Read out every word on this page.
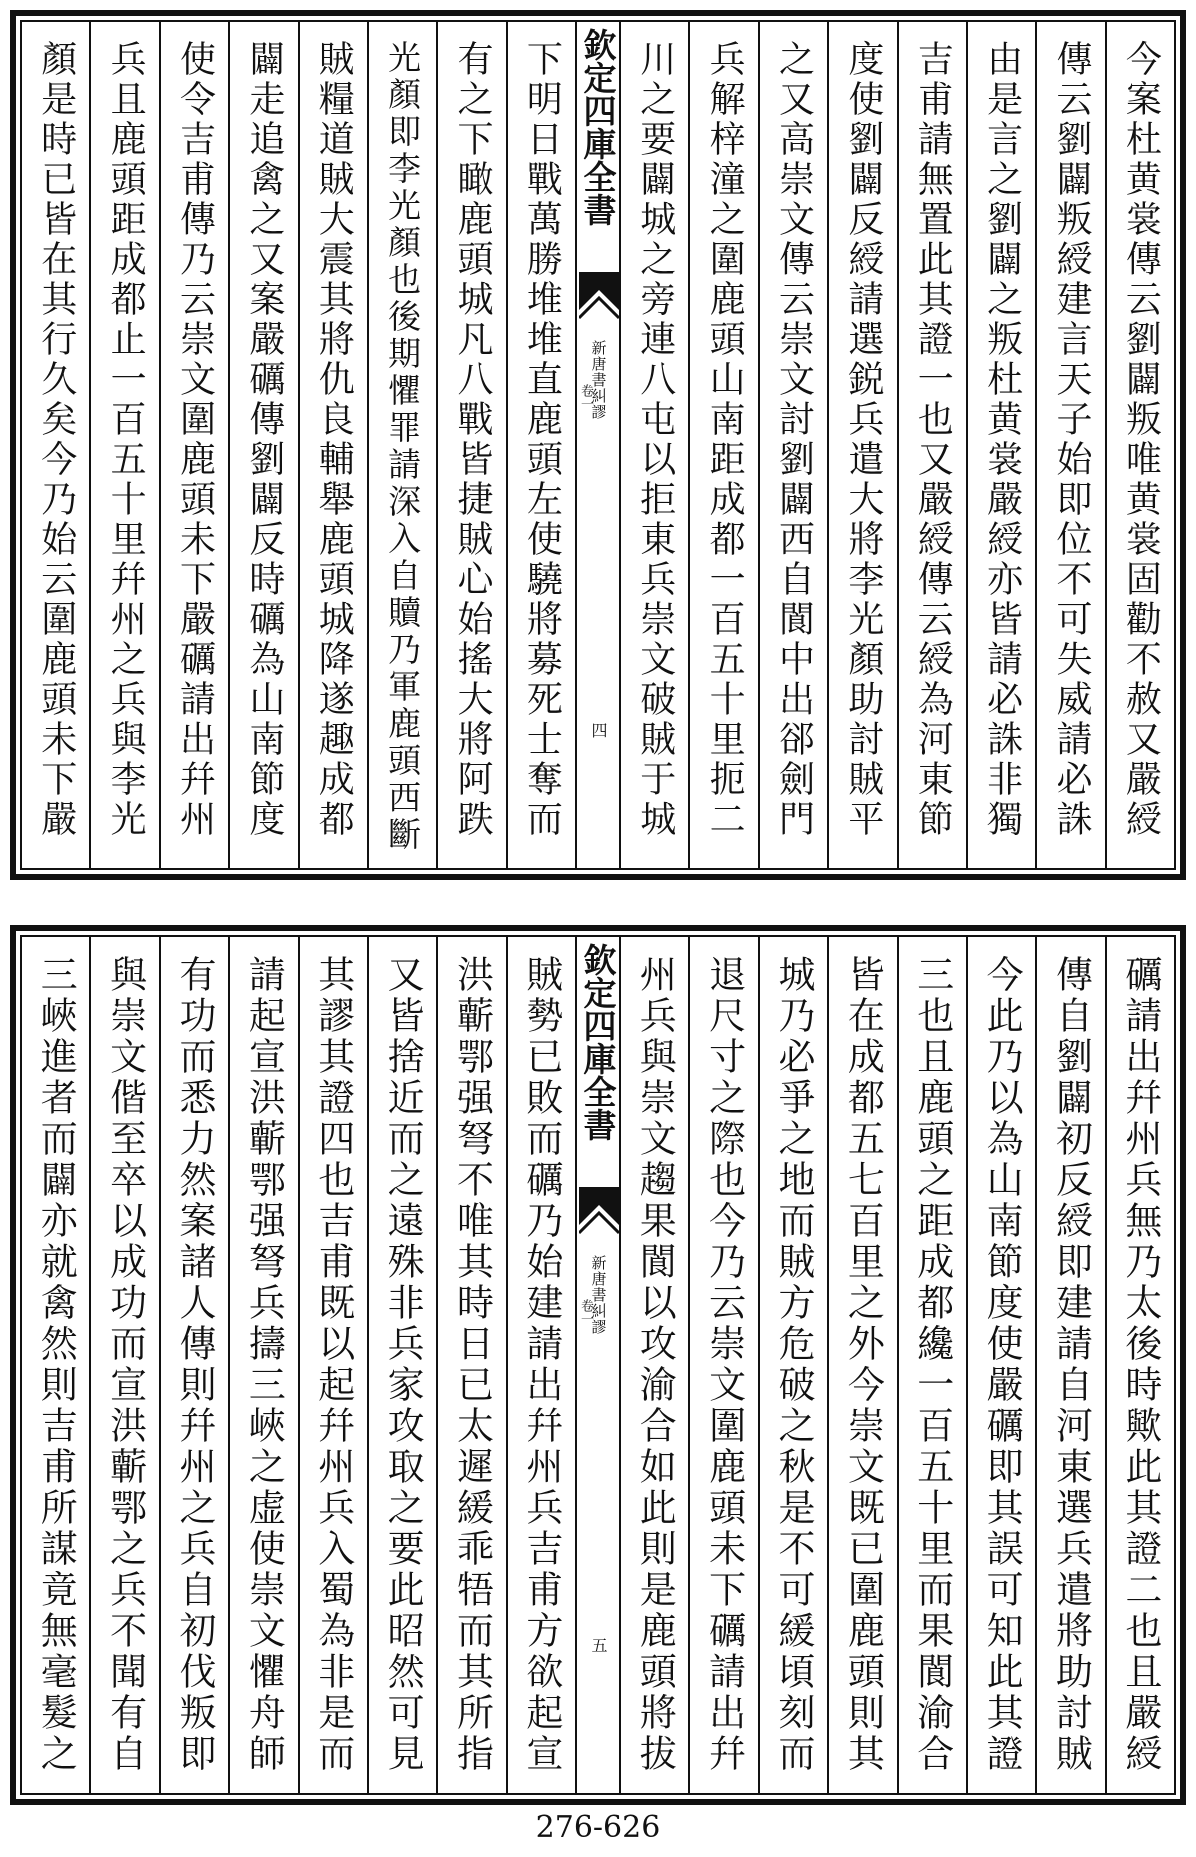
今案杜黄裳傳云劉闢叛唯黄裳固勸不赦又嚴綬
傳云劉闢叛綬建言天子始即位不可失威請必誅
由是言之劉闢之叛杜黄裳嚴綬亦皆請必誅非獨
吉甫請無置此其證一也又嚴綬傳云綬為河東節
度使劉闢反綬請選鋭兵遣大將李光顏助討賊平
之又高崇文傳云崇文討劉闢西自閬中出郤劍門
兵解梓潼之圍鹿頭山南距成都一百五十里扼二
川之要闢城之旁連八屯以拒東兵崇文破賊于城
欽定四庫全書
新唐書糾謬
卷一
四
下明日戰萬勝堆堆直鹿頭左使驍將募死士奪而
有之下瞰鹿頭城凡八戰皆捷賊心始搖大將阿跌
光顏即李光顏也後期懼罪請深入自贖乃軍鹿頭西斷
賊糧道賊大震其將仇良輔舉鹿頭城降遂趣成都
闢走追禽之又案嚴礪傳劉闢反時礪為山南節度
使令吉甫傳乃云崇文圍鹿頭未下嚴礪請出幷州
兵且鹿頭距成都止一百五十里幷州之兵與李光
顏是時已皆在其行久矣今乃始云圍鹿頭未下嚴
礪請出幷州兵無乃太後時歟此其證二也且嚴綬
傳自劉闢初反綬即建請自河東選兵遣將助討賊
今此乃以為山南節度使嚴礪即其誤可知此其證
三也且鹿頭之距成都纔一百五十里而果閬渝合
皆在成都五七百里之外今崇文既已圍鹿頭則其
城乃必爭之地而賊方危破之秋是不可緩頃刻而
退尺寸之際也今乃云崇文圍鹿頭未下礪請出幷
州兵與崇文趨果閬以攻渝合如此則是鹿頭將拔
欽定四庫全書
新唐書糾謬
卷一
五
賊勢已敗而礪乃始建請出幷州兵吉甫方欲起宣
洪蘄鄂强弩不唯其時日已太遲緩乖牾而其所指
又皆捨近而之遠殊非兵家攻取之要此昭然可見
其謬其證四也吉甫既以起幷州兵入蜀為非是而
請起宣洪蘄鄂强弩兵擣三峽之虚使崇文懼舟師
有功而悉力然案諸人傳則幷州之兵自初伐叛即
與崇文偕至卒以成功而宣洪蘄鄂之兵不聞有自
三峽進者而闢亦就禽然則吉甫所謀竟無毫髮之
276-626
